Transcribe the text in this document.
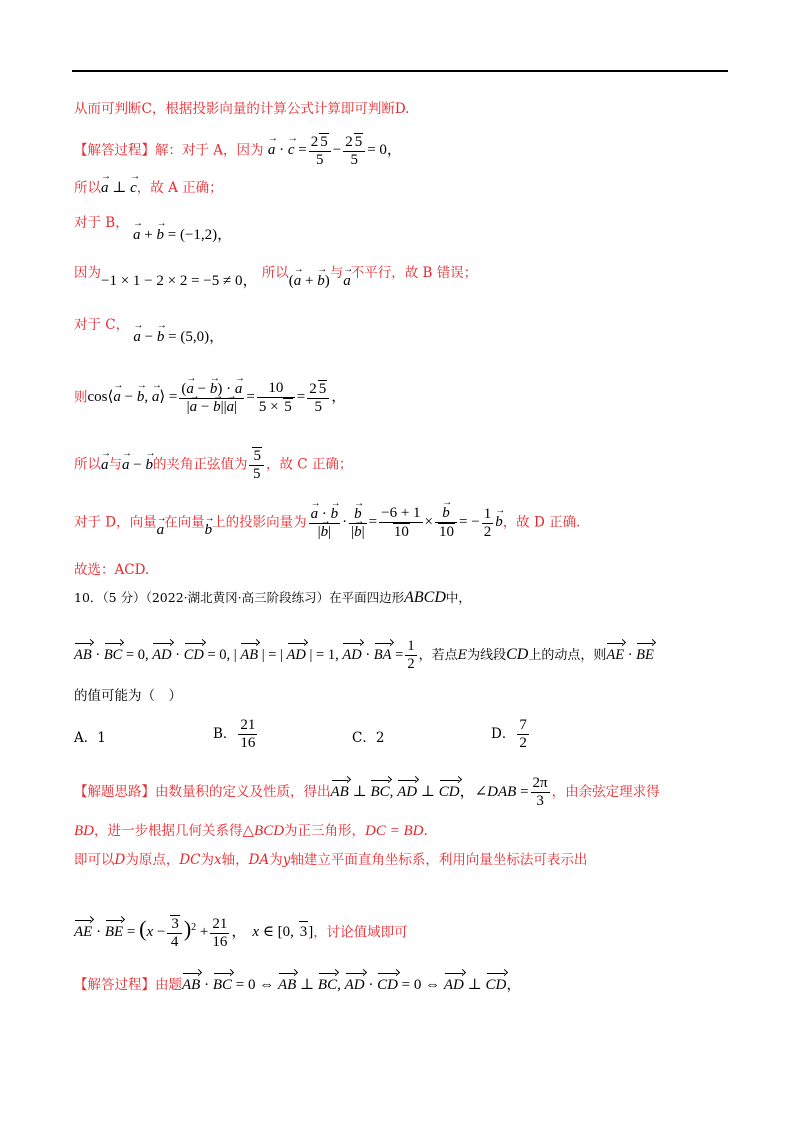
从而可判断C，根据投影向量的计算公式计算即可判断D.
【解答过程】解：对于 A，因为 → a · → $c = \frac{2 5}{5} - \frac{2 5}{5} = 0$，
所以→ a ⊥ → c，故 A 正确；
对于 B， → a + → b = (−1,2)，
因为−1 × 1 − 2 × 2 = −5 ≠ 0， 所以(→ a + → b)与→ a不平行，故 B 错误；
对于 C， → a − → b = (5,0)，
则cos⟨→ a − → b, → a⟩ = $\frac{(\to a - \to b) \cdot \to a}{|\to a - \to b||\to a|} = \frac{10}{5 \times 5} = \frac{2 5}{5}$ ，
所以→ a与→ a − → b的夹角正弦值为 $\frac{5}{5}$ ，故 C 正确；
对于 D，向量→ a在向量→ b上的投影向量为
→ $\frac{a \cdot \to b}{|\to b|}$ ·
→ $\frac{b}{|\to b|} = \frac{-6 + 1}{10}$ ×
→ $\frac{b}{10}$ = − $\frac{1}{2}$
→ b，故 D 正确.
故选：ACD.
10．（5 分）（2022·湖北黄冈·高三阶段练习）在平面四边形ABCD中，
AB · BC = 0, AD · CD = 0, | AB | = | AD | = 1, AD · BA = $\frac{1}{2}$ ，若点E为线段CD上的动点，则AE · BE
的值可能为（　）
A．1	B． $\frac{21}{16}$	C．2	D． $\frac{7}{2}$
【解题思路】由数量积的定义及性质，得出AB ⊥ BC, AD ⊥ CD，∠DAB = $\frac{2\pi}{3}$ ，由余弦定理求得
BD，进一步根据几何关系得△BCD为正三角形，DC = BD.
即可以D为原点，DC为x轴，DA为y轴建立平面直角坐标系，利用向量坐标法可表示出
AE · BE = $(x - \frac{3}{4} )^2 + \frac{21}{16}$ ， x ∈ [0, 3]，讨论值域即可
【解答过程】由题AB · BC = 0 ⇔ AB ⊥ BC, AD · CD = 0 ⇔ AD ⊥ CD，
